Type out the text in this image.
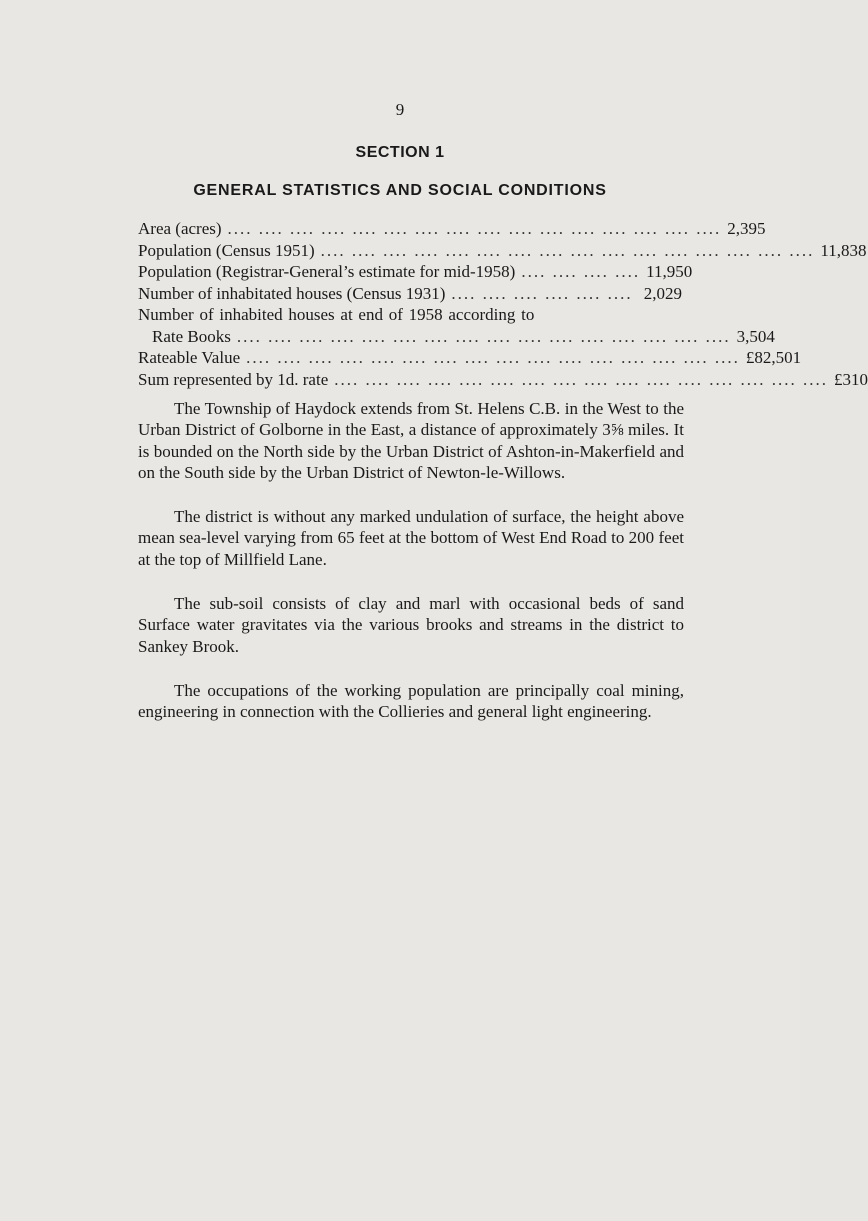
9
SECTION 1
GENERAL STATISTICS AND SOCIAL CONDITIONS
Area (acres) .... .... .... .... .... .... .... .... .... .... .... .... .... .... .... .... 2,395
Population (Census 1951) .... .... .... .... .... .... .... .... .... .... .... .... .... .... .... .... 11,838
Population (Registrar-General’s estimate for mid-1958) .... .... .... .... 11,950
Number of inhabitated houses (Census 1931) .... .... .... .... .... .... 2,029
Number of inhabited houses at end of 1958 according to
Rate Books .... .... .... .... .... .... .... .... .... .... .... .... .... .... .... .... 3,504
Rateable Value .... .... .... .... .... .... .... .... .... .... .... .... .... .... .... .... £82,501
Sum represented by 1d. rate .... .... .... .... .... .... .... .... .... .... .... .... .... .... .... .... £310

The Township of Haydock extends from St. Helens C.B. in the West to the Urban District of Golborne in the East, a distance of approximately 3⅝ miles. It is bounded on the North side by the Urban District of Ashton-in-Makerfield and on the South side by the Urban District of Newton-le-Willows.

The district is without any marked undulation of surface, the height above mean sea-level varying from 65 feet at the bottom of West End Road to 200 feet at the top of Millfield Lane.

The sub-soil consists of clay and marl with occasional beds of sand Surface water gravitates via the various brooks and streams in the district to Sankey Brook.

The occupations of the working population are principally coal mining, engineering in connection with the Collieries and general light engineering.
